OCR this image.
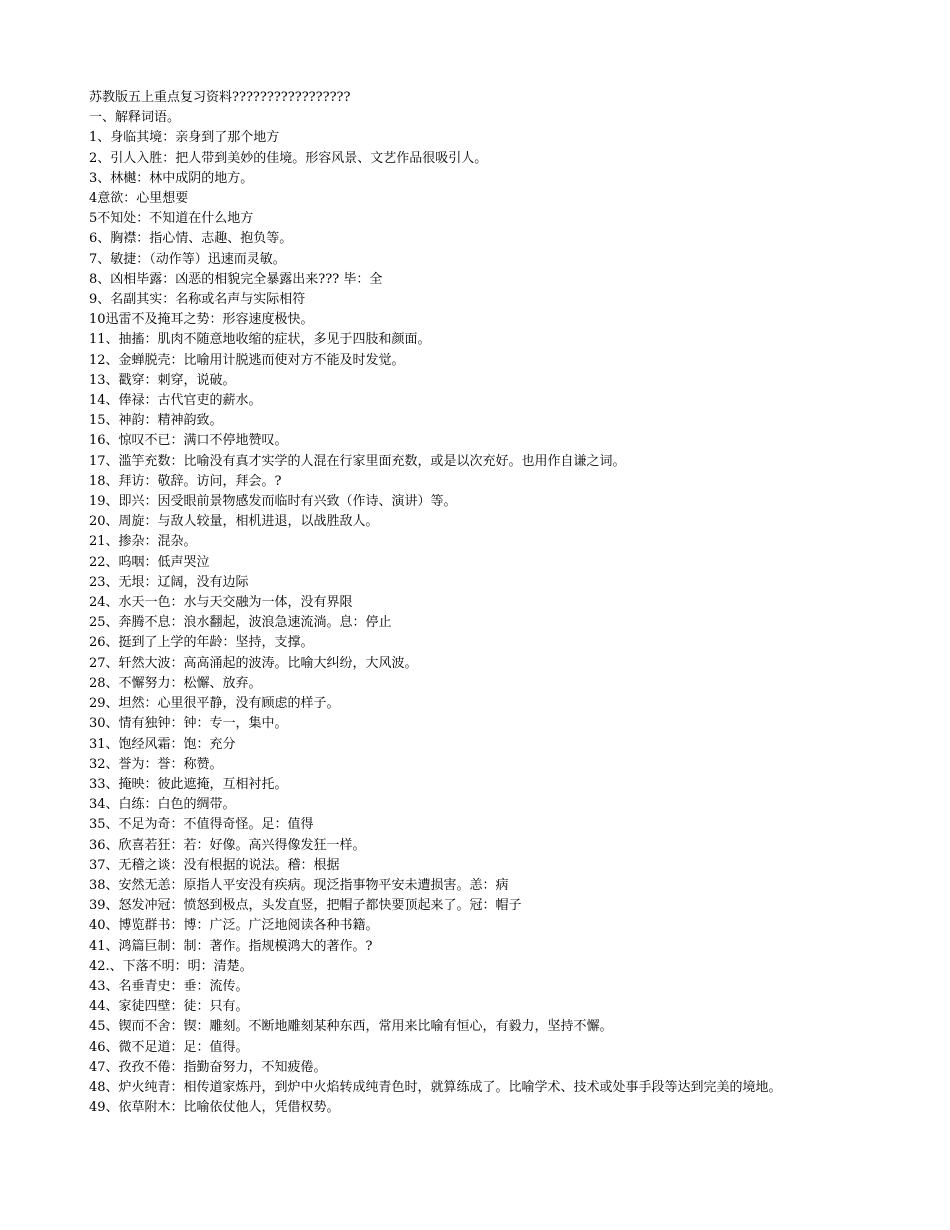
苏教版五上重点复习资料?????????????????
一、解释词语。
1、身临其境：亲身到了那个地方
2、引人入胜：把人带到美妙的佳境。形容风景、文艺作品很吸引人。
3、林樾：林中成阴的地方。
4意欲：心里想要
5不知处：不知道在什么地方
6、胸襟：指心情、志趣、抱负等。
7、敏捷：（动作等）迅速而灵敏。
8、凶相毕露：凶恶的相貌完全暴露出来??? 毕：全
9、名副其实：名称或名声与实际相符
10迅雷不及掩耳之势：形容速度极快。
11、抽搐：肌肉不随意地收缩的症状，多见于四肢和颜面。
12、金蝉脱壳：比喻用计脱逃而使对方不能及时发觉。
13、戳穿：刺穿，说破。
14、俸禄：古代官吏的薪水。
15、神韵：精神韵致。
16、惊叹不已：满口不停地赞叹。
17、滥竽充数：比喻没有真才实学的人混在行家里面充数，或是以次充好。也用作自谦之词。
18、拜访：敬辞。访问，拜会。?
19、即兴：因受眼前景物感发而临时有兴致（作诗、演讲）等。
20、周旋：与敌人较量，相机进退，以战胜敌人。
21、掺杂：混杂。
22、呜咽：低声哭泣
23、无垠：辽阔，没有边际
24、水天一色：水与天交融为一体，没有界限
25、奔腾不息：浪水翻起，波浪急速流淌。息：停止
26、挺到了上学的年龄：坚持，支撑。
27、轩然大波：高高涌起的波涛。比喻大纠纷，大风波。
28、不懈努力：松懈、放弃。
29、坦然：心里很平静，没有顾虑的样子。
30、情有独钟：钟：专一，集中。
31、饱经风霜：饱：充分
32、誉为：誉：称赞。
33、掩映：彼此遮掩，互相衬托。
34、白练：白色的绸带。
35、不足为奇：不值得奇怪。足：值得
36、欣喜若狂：若：好像。高兴得像发狂一样。
37、无稽之谈：没有根据的说法。稽：根据
38、安然无恙：原指人平安没有疾病。现泛指事物平安未遭损害。恙：病
39、怒发冲冠：愤怒到极点，头发直竖，把帽子都快要顶起来了。冠：帽子
40、博览群书：博：广泛。广泛地阅读各种书籍。
41、鸿篇巨制：制：著作。指规模鸿大的著作。?
42.、下落不明：明：清楚。
43、名垂青史：垂：流传。
44、家徒四壁：徒：只有。
45、锲而不舍：锲：雕刻。不断地雕刻某种东西，常用来比喻有恒心，有毅力，坚持不懈。
46、微不足道：足：值得。
47、孜孜不倦：指勤奋努力，不知疲倦。
48、炉火纯青：相传道家炼丹，到炉中火焰转成纯青色时，就算练成了。比喻学术、技术或处事手段等达到完美的境地。
49、依草附木：比喻依仗他人，凭借权势。
